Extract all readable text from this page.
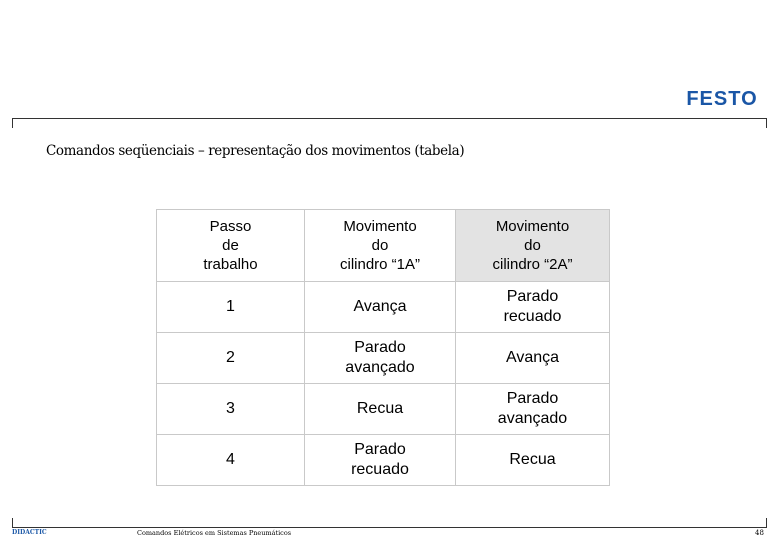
FESTO
Comandos seqüenciais – representação dos movimentos (tabela)
Passo
de
trabalho	Movimento
do
cilindro “1A”	Movimento
do
cilindro “2A”
1	Avança	Parado
recuado
2	Parado
avançado	Avança
3	Recua	Parado
avançado
4	Parado
recuado	Recua
DIDACTIC	Comandos Elétricos em Sistemas Pneumáticos	48
